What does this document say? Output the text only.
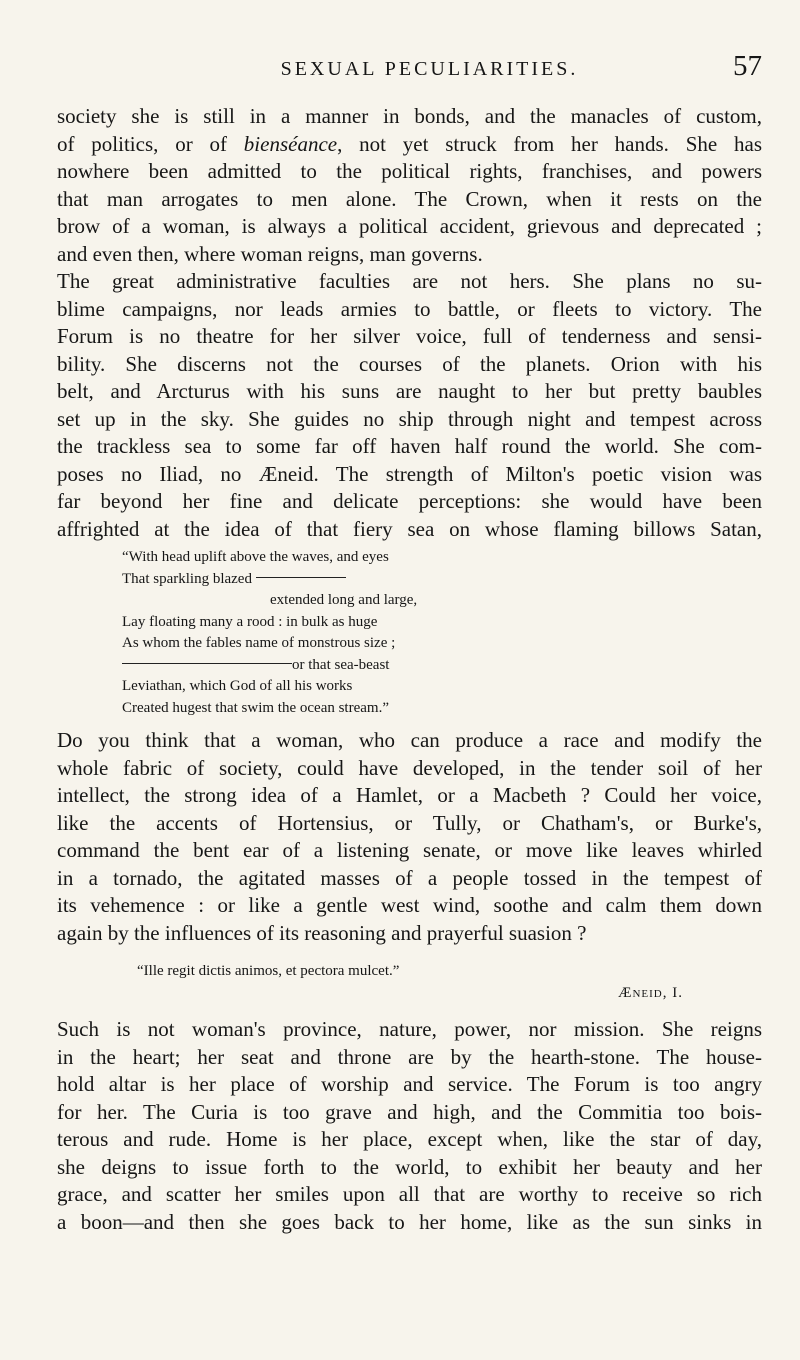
SEXUAL PECULIARITIES.	57
society she is still in a manner in bonds, and the manacles of custom,
of politics, or of bienséance, not yet struck from her hands. She has
nowhere been admitted to the political rights, franchises, and powers
that man arrogates to men alone. The Crown, when it rests on the
brow of a woman, is always a political accident, grievous and deprecated ;
and even then, where woman reigns, man governs.
The great administrative faculties are not hers. She plans no su-
blime campaigns, nor leads armies to battle, or fleets to victory. The
Forum is no theatre for her silver voice, full of tenderness and sensi-
bility. She discerns not the courses of the planets. Orion with his
belt, and Arcturus with his suns are naught to her but pretty baubles
set up in the sky. She guides no ship through night and tempest across
the trackless sea to some far off haven half round the world. She com-
poses no Iliad, no Æneid. The strength of Milton's poetic vision was
far beyond her fine and delicate perceptions: she would have been
affrighted at the idea of that fiery sea on whose flaming billows Satan,
“With head uplift above the waves, and eyes
That sparkling blazed
extended long and large,
Lay floating many a rood : in bulk as huge
As whom the fables name of monstrous size ;
or that sea-beast
Leviathan, which God of all his works
Created hugest that swim the ocean stream.”
Do you think that a woman, who can produce a race and modify the
whole fabric of society, could have developed, in the tender soil of her
intellect, the strong idea of a Hamlet, or a Macbeth ? Could her voice,
like the accents of Hortensius, or Tully, or Chatham's, or Burke's,
command the bent ear of a listening senate, or move like leaves whirled
in a tornado, the agitated masses of a people tossed in the tempest of
its vehemence : or like a gentle west wind, soothe and calm them down
again by the influences of its reasoning and prayerful suasion ?
“Ille regit dictis animos, et pectora mulcet.”
Æneid, I.
Such is not woman's province, nature, power, nor mission. She reigns
in the heart; her seat and throne are by the hearth-stone. The house-
hold altar is her place of worship and service. The Forum is too angry
for her. The Curia is too grave and high, and the Commitia too bois-
terous and rude. Home is her place, except when, like the star of day,
she deigns to issue forth to the world, to exhibit her beauty and her
grace, and scatter her smiles upon all that are worthy to receive so rich
a boon—and then she goes back to her home, like as the sun sinks in
